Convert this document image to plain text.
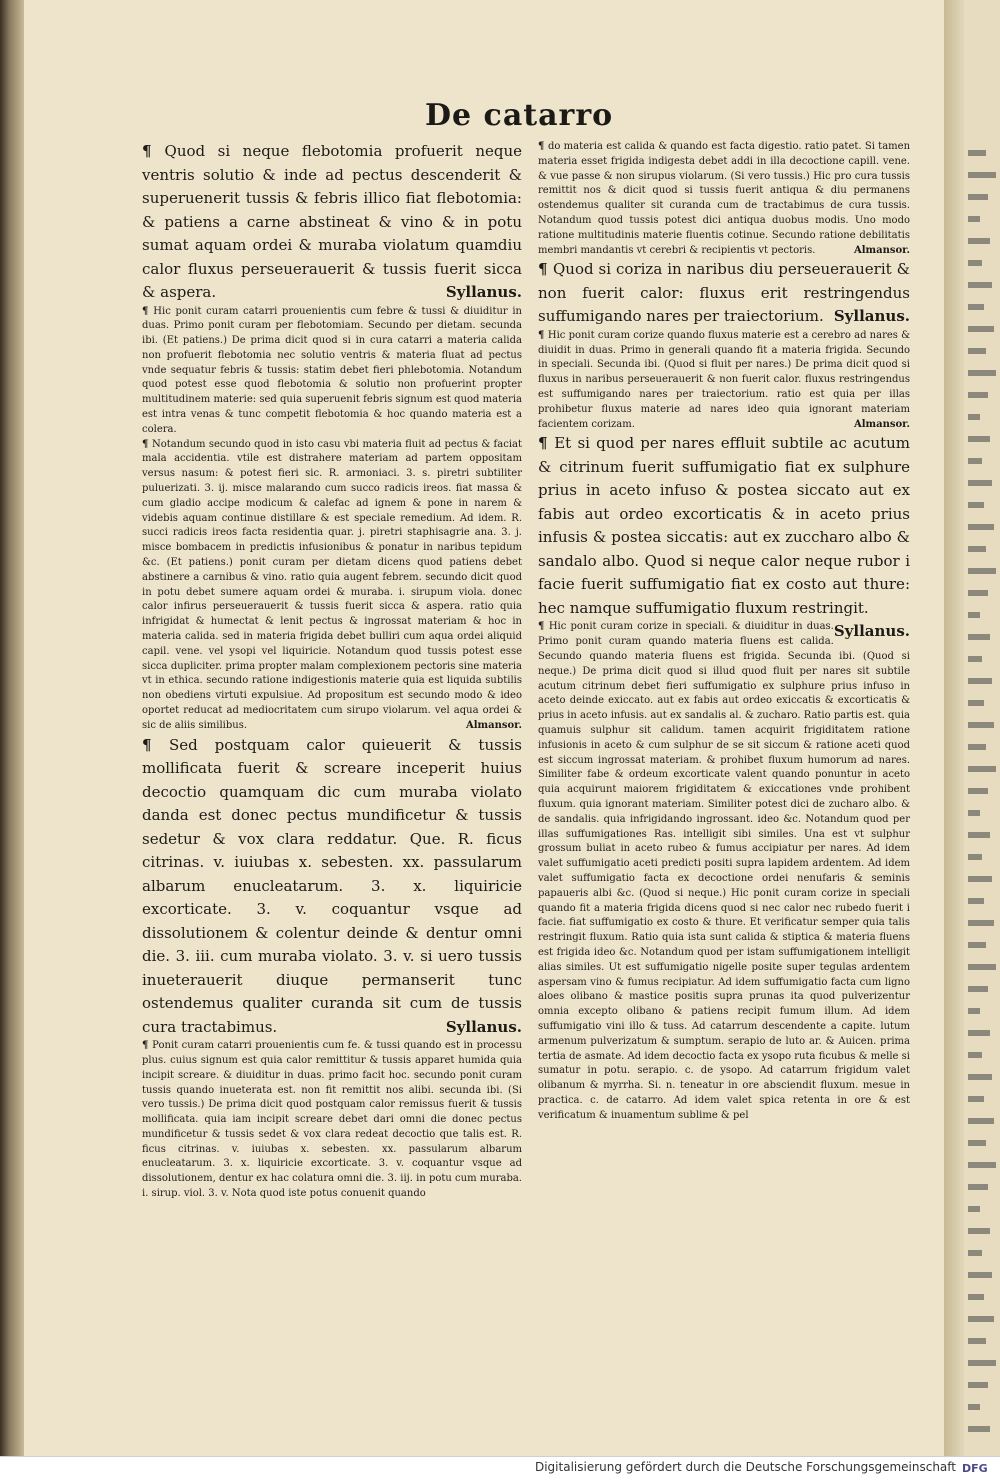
De catarro

¶ Quod si neque flebotomia profuerit neque ventris solutio & inde ad pectus descenderit & superuenerit tussis & febris illico fiat flebotomia: & patiens a carne abstineat & vino & in potu sumat aquam ordei & muraba violatum quamdiu calor fluxus perseuerauerit & tussis fuerit sicca & aspera.	Syllanus.

¶ Hic ponit curam catarri prouenientis cum febre & tussi & diuiditur in duas. Primo ponit curam per flebotomiam. Secundo per dietam. secunda ibi. (Et patiens.) De prima dicit quod si in cura catarri a materia calida non profuerit flebotomia nec solutio ventris & materia fluat ad pectus vnde sequatur febris & tussis: statim debet fieri phlebotomia. Notandum quod potest esse quod flebotomia & solutio non profuerint propter multitudinem materie: sed quia superuenit febris signum est quod materia est intra venas & tunc competit flebotomia & hoc quando materia est a colera.

¶ Notandum secundo quod in isto casu vbi materia fluit ad pectus & faciat mala accidentia. vtile est distrahere materiam ad partem oppositam versus nasum: & potest fieri sic. R. armoniaci. 3. s. piretri subtiliter puluerizati. 3. ij. misce malarando cum succo radicis ireos. fiat massa & cum gladio accipe modicum & calefac ad ignem & pone in narem & videbis aquam continue distillare & est speciale remedium. Ad idem. R. succi radicis ireos facta residentia quar. j. piretri staphisagrie ana. 3. j. misce bombacem in predictis infusionibus & ponatur in naribus tepidum &c. (Et patiens.) ponit curam per dietam dicens quod patiens debet abstinere a carnibus & vino. ratio quia augent febrem. secundo dicit quod in potu debet sumere aquam ordei & muraba. i. sirupum viola. donec calor infirus perseuerauerit & tussis fuerit sicca & aspera. ratio quia infrigidat & humectat & lenit pectus & ingrossat materiam & hoc in materia calida. sed in materia frigida debet bulliri cum aqua ordei aliquid capil. vene. vel ysopi vel liquiricie. Notandum quod tussis potest esse sicca dupliciter. prima propter malam complexionem pectoris sine materia vt in ethica. secundo ratione indigestionis materie quia est liquida subtilis non obediens virtuti expulsiue. Ad propositum est secundo modo & ideo oportet reducat ad mediocritatem cum sirupo violarum. vel aqua ordei & sic de aliis similibus.	Almansor.

¶ Sed postquam calor quieuerit & tussis mollificata fuerit & screare inceperit huius decoctio quamquam dic cum muraba violato danda est donec pectus mundificetur & tussis sedetur & vox clara reddatur. Que. R. ficus citrinas. v. iuiubas x. sebesten. xx. passularum albarum enucleatarum. 3. x. liquiricie excorticate. 3. v. coquantur vsque ad dissolutionem & colentur deinde & dentur omni die. 3. iii. cum muraba violato. 3. v. si uero tussis inueterauerit diuque permanserit tunc ostendemus qualiter curanda sit cum de tussis cura tractabimus.	Syllanus.

¶ Ponit curam catarri prouenientis cum fe. & tussi quando est in processu plus. cuius signum est quia calor remittitur & tussis apparet humida quia incipit screare. & diuiditur in duas. primo facit hoc. secundo ponit curam tussis quando inueterata est. non fit remittit nos alibi. secunda ibi. (Si vero tussis.) De prima dicit quod postquam calor remissus fuerit & tussis mollificata. quia iam incipit screare debet dari omni die donec pectus mundificetur & tussis sedet & vox clara redeat decoctio que talis est. R. ficus citrinas. v. iuiubas x. sebesten. xx. passularum albarum enucleatarum. 3. x. liquiricie excorticate. 3. v. coquantur vsque ad dissolutionem, dentur ex hac colatura omni die. 3. iij. in potu cum muraba. i. sirup. viol. 3. v. Nota quod iste potus conuenit quando

¶ do materia est calida & quando est facta digestio. ratio patet. Si tamen materia esset frigida indigesta debet addi in illa decoctione capill. vene. & vue passe & non sirupus violarum. (Si vero tussis.) Hic pro cura tussis remittit nos & dicit quod si tussis fuerit antiqua & diu permanens ostendemus qualiter sit curanda cum de tractabimus de cura tussis. Notandum quod tussis potest dici antiqua duobus modis. Uno modo ratione multitudinis materie fluentis cotinue. Secundo ratione debilitatis membri mandantis vt cerebri & recipientis vt pectoris.	Almansor.

¶ Quod si coriza in naribus diu perseuerauerit & non fuerit calor: fluxus erit restringendus suffumigando nares per traiectorium. Syllanus.

¶ Hic ponit curam corize quando fluxus materie est a cerebro ad nares & diuidit in duas. Primo in generali quando fit a materia frigida. Secundo in speciali. Secunda ibi. (Quod si fluit per nares.) De prima dicit quod si fluxus in naribus perseuerauerit & non fuerit calor. fluxus restringendus est suffumigando nares per traiectorium. ratio est quia per illas prohibetur fluxus materie ad nares ideo quia ignorant materiam facientem corizam.	Almansor.

¶ Et si quod per nares effluit subtile ac acutum & citrinum fuerit suffumigatio fiat ex sulphure prius in aceto infuso & postea siccato aut ex fabis aut ordeo excorticatis & in aceto prius infusis & postea siccatis: aut ex zuccharo albo & sandalo albo. Quod si neque calor neque rubor i facie fuerit suffumigatio fiat ex costo aut thure: hec namque suffumigatio fluxum restringit.
Syllanus.

¶ Hic ponit curam corize in speciali. & diuiditur in duas. Primo ponit curam quando materia fluens est calida. Secundo quando materia fluens est frigida. Secunda ibi. (Quod si neque.) De prima dicit quod si illud quod fluit per nares sit subtile acutum citrinum debet fieri suffumigatio ex sulphure prius infuso in aceto deinde exiccato. aut ex fabis aut ordeo exiccatis & excorticatis & prius in aceto infusis. aut ex sandalis al. & zucharo. Ratio partis est. quia quamuis sulphur sit calidum. tamen acquirit frigiditatem ratione infusionis in aceto & cum sulphur de se sit siccum & ratione aceti quod est siccum ingrossat materiam. & prohibet fluxum humorum ad nares. Similiter fabe & ordeum excorticate valent quando ponuntur in aceto quia acquirunt maiorem frigiditatem & exiccationes vnde prohibent fluxum. quia ignorant materiam. Similiter potest dici de zucharo albo. & de sandalis. quia infrigidando ingrossant. ideo &c. Notandum quod per illas suffumigationes Ras. intelligit sibi similes. Una est vt sulphur grossum buliat in aceto rubeo & fumus accipiatur per nares. Ad idem valet suffumigatio aceti predicti positi supra lapidem ardentem. Ad idem valet suffumigatio facta ex decoctione ordei nenufaris & seminis papaueris albi &c. (Quod si neque.) Hic ponit curam corize in speciali quando fit a materia frigida dicens quod si nec calor nec rubedo fuerit i facie. fiat suffumigatio ex costo & thure. Et verificatur semper quia talis restringit fluxum. Ratio quia ista sunt calida & stiptica & materia fluens est frigida ideo &c. Notandum quod per istam suffumigationem intelligit alias similes. Ut est suffumigatio nigelle posite super tegulas ardentem aspersam vino & fumus recipiatur. Ad idem suffumigatio facta cum ligno aloes olibano & mastice positis supra prunas ita quod pulverizentur omnia excepto olibano & patiens recipit fumum illum. Ad idem suffumigatio vini illo & tuss. Ad catarrum descendente a capite. lutum armenum pulverizatum & sumptum. serapio de luto ar. & Auicen. prima tertia de asmate. Ad idem decoctio facta ex ysopo ruta ficubus & melle si sumatur in potu. serapio. c. de ysopo. Ad catarrum frigidum valet olibanum & myrrha. Si. n. teneatur in ore absciendit fluxum. mesue in practica. c. de catarro. Ad idem valet spica retenta in ore & est verificatum & inuamentum sublime & pel

Digitalisierung gefördert durch die Deutsche Forschungsgemeinschaft DFG
